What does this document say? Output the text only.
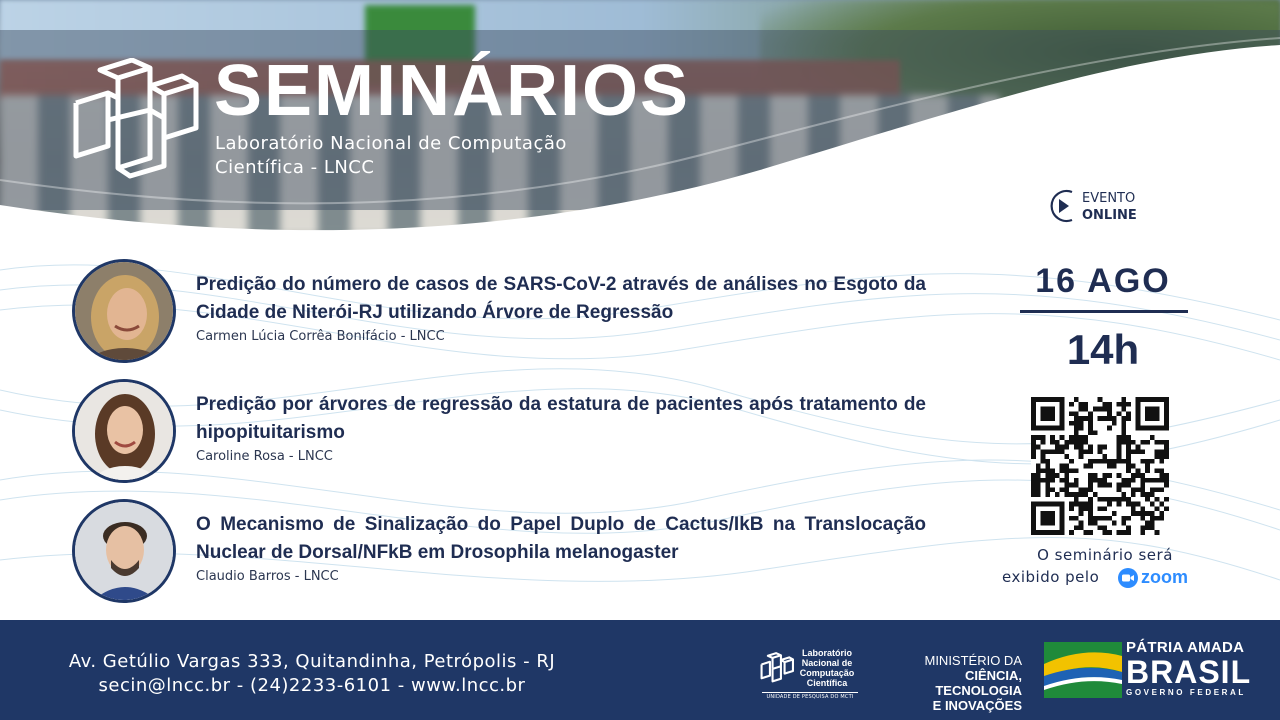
SEMINÁRIOS
Laboratório Nacional de Computação
Científica - LNCC
Predição do número de casos de SARS-CoV-2 através de análises no Esgoto da Cidade de Niterói-RJ utilizando Árvore de Regressão
Carmen Lúcia Corrêa Bonifácio - LNCC
Predição por árvores de regressão da estatura de pacientes após tratamento de hipopituitarismo
Caroline Rosa - LNCC
O Mecanismo de Sinalização do Papel Duplo de Cactus/IkB na Translocação Nuclear de Dorsal/NFkB em Drosophila melanogaster
Claudio Barros - LNCC
EVENTO
ONLINE
16 AGO
14h
O seminário será
exibido pelo	zoom
Av. Getúlio Vargas 333, Quitandinha, Petrópolis - RJ
secin@lncc.br - (24)2233-6101 - www.lncc.br
Laboratório
Nacional de
Computação
Científica
UNIDADE DE PESQUISA DO MCTI
MINISTÉRIO DA
CIÊNCIA, TECNOLOGIA
E INOVAÇÕES
PÁTRIA AMADA
BRASIL
GOVERNO FEDERAL
